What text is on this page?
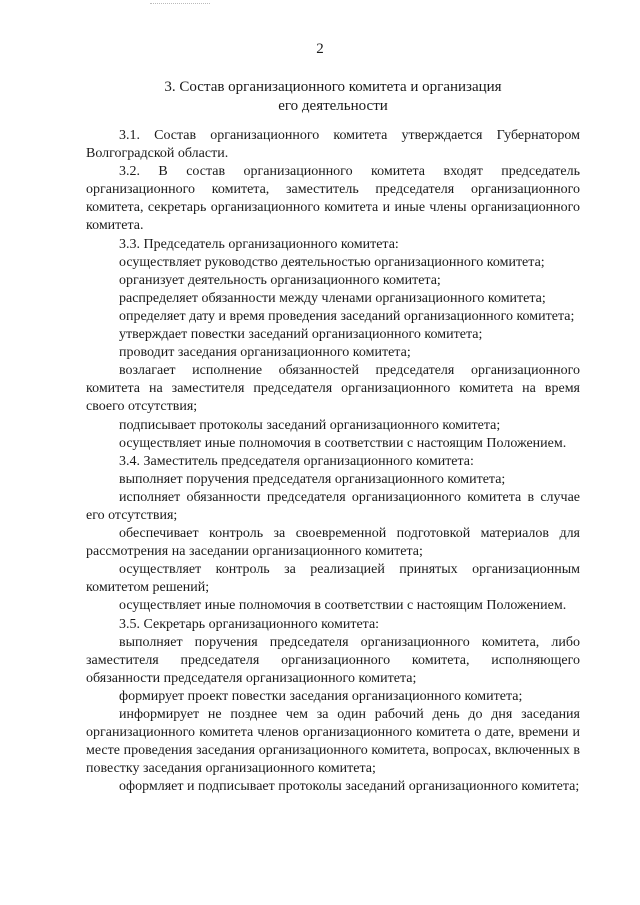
2
3. Состав организационного комитета и организация
его деятельности

3.1. Состав организационного комитета утверждается Губернатором Волгоградской области.

3.2. В состав организационного комитета входят председатель организационного комитета, заместитель председателя организационного комитета, секретарь организационного комитета и иные члены организационного комитета.

3.3. Председатель организационного комитета:

осуществляет руководство деятельностью организационного комитета;

организует деятельность организационного комитета;

распределяет обязанности между членами организационного комитета;

определяет дату и время проведения заседаний организационного комитета;

утверждает повестки заседаний организационного комитета;

проводит заседания организационного комитета;

возлагает исполнение обязанностей председателя организационного комитета на заместителя председателя организационного комитета на время своего отсутствия;

подписывает протоколы заседаний организационного комитета;

осуществляет иные полномочия в соответствии с настоящим Положением.

3.4. Заместитель председателя организационного комитета:

выполняет поручения председателя организационного комитета;

исполняет обязанности председателя организационного комитета в случае его отсутствия;

обеспечивает контроль за своевременной подготовкой материалов для рассмотрения на заседании организационного комитета;

осуществляет контроль за реализацией принятых организационным комитетом решений;

осуществляет иные полномочия в соответствии с настоящим Положением.

3.5. Секретарь организационного комитета:

выполняет поручения председателя организационного комитета, либо заместителя председателя организационного комитета, исполняющего обязанности председателя организационного комитета;

формирует проект повестки заседания организационного комитета;

информирует не позднее чем за один рабочий день до дня заседания организационного комитета членов организационного комитета о дате, времени и месте проведения заседания организационного комитета, вопросах, включенных в повестку заседания организационного комитета;

оформляет и подписывает протоколы заседаний организационного комитета;
